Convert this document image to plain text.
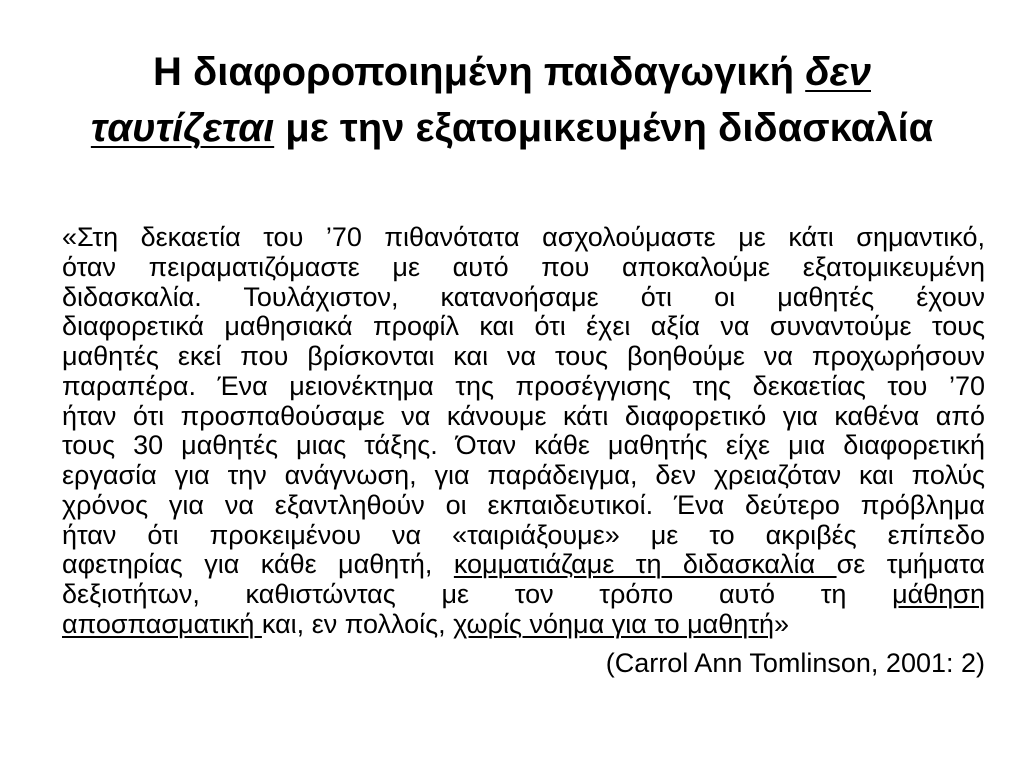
Η διαφοροποιημένη παιδαγωγική δεν
ταυτίζεται με την εξατομικευμένη διδασκαλία
«Στη δεκαετία του ’70 πιθανότατα ασχολούμαστε με κάτι σημαντικό,
όταν πειραματιζόμαστε με αυτό που αποκαλούμε εξατομικευμένη
διδασκαλία. Τουλάχιστον, κατανοήσαμε ότι οι μαθητές έχουν
διαφορετικά μαθησιακά προφίλ και ότι έχει αξία να συναντούμε τους
μαθητές εκεί που βρίσκονται και να τους βοηθούμε να προχωρήσουν
παραπέρα. Ένα μειονέκτημα της προσέγγισης της δεκαετίας του ’70
ήταν ότι προσπαθούσαμε να κάνουμε κάτι διαφορετικό για καθένα από
τους 30 μαθητές μιας τάξης. Όταν κάθε μαθητής είχε μια διαφορετική
εργασία για την ανάγνωση, για παράδειγμα, δεν χρειαζόταν και πολύς
χρόνος για να εξαντληθούν οι εκπαιδευτικοί. Ένα δεύτερο πρόβλημα
ήταν ότι προκειμένου να «ταιριάξουμε» με το ακριβές επίπεδο
αφετηρίας για κάθε μαθητή, κομματιάζαμε τη διδασκαλία σε τμήματα
δεξιοτήτων, καθιστώντας με τον τρόπο αυτό τη μάθηση
αποσπασματική και, εν πολλοίς, χωρίς νόημα για το μαθητή»
(Carrol Ann Tomlinson, 2001: 2)
